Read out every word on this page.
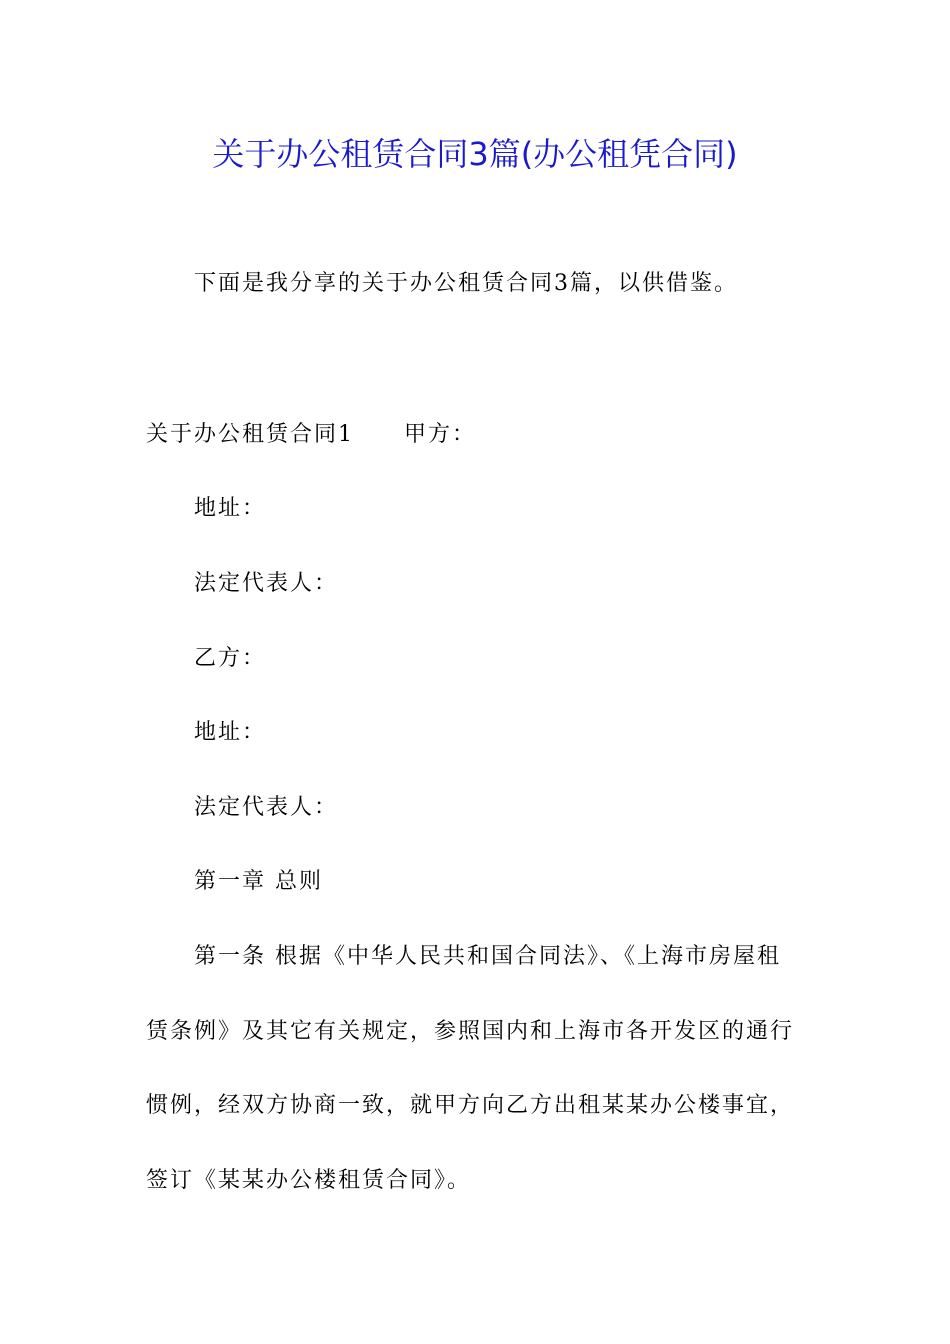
关于办公租赁合同3篇(办公租凭合同)
下面是我分享的关于办公租赁合同3篇，以供借鉴。
关于办公租赁合同1 甲方：
地址：
法定代表人：
乙方：
地址：
法定代表人：
第一章 总则
第一条 根据《中华人民共和国合同法》、《上海市房屋租
赁条例》及其它有关规定，参照国内和上海市各开发区的通行
惯例，经双方协商一致，就甲方向乙方出租某某办公楼事宜，
签订《某某办公楼租赁合同》。
